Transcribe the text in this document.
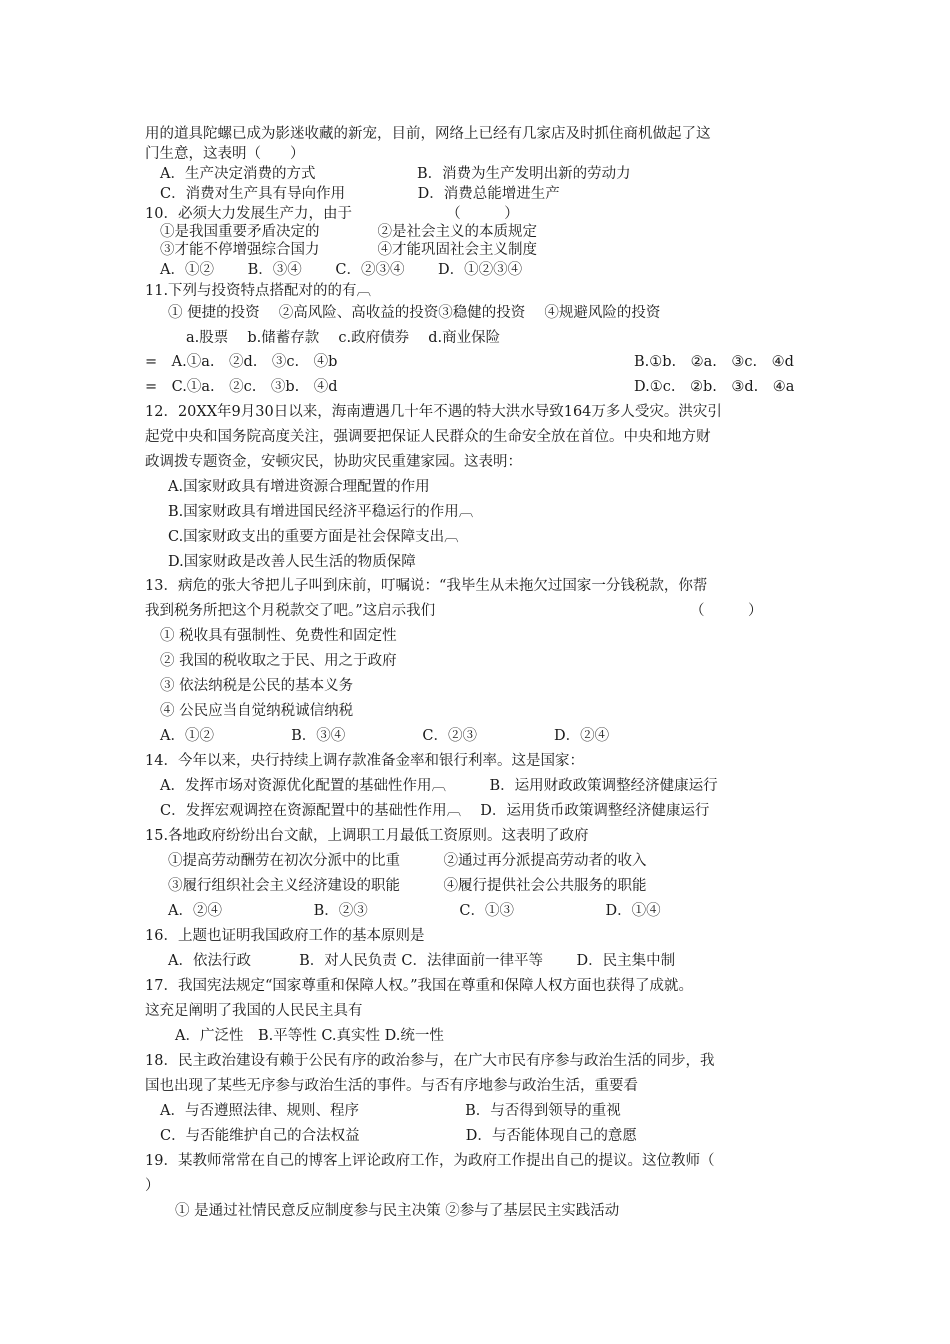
用的道具陀螺已成为影迷收藏的新宠，目前，网络上已经有几家店及时抓住商机做起了这
门生意，这表明（　　）
A．生产决定消费的方式　　　　　　　B．消费为生产发明出新的劳动力
C．消费对生产具有导向作用　　　　　D．消费总能增进生产
10．必须大力发展生产力，由于　　　　　　　（　　　）
①是我国重要矛盾决定的　　　　②是社会主义的本质规定
③才能不停增强综合国力　　　　④才能巩固社会主义制度
A．①②　　 B．③④　　 C．②③④　　 D．①②③④
11.下列与投资特点搭配对的的有︹
① 便捷的投资　 ②高风险、高收益的投资③稳健的投资　 ④规避风险的投资
a.股票　 b.储蓄存款　 c.政府债券　 d.商业保险
=　A.①a.　②d.　③c.　④b	B.①b.　②a.　③c.　④d
=　C.①a.　②c.　③b.　④d	D.①c.　②b.　③d.　④a
12．20XX年9月30日以来，海南遭遇几十年不遇的特大洪水导致164万多人受灾。洪灾引
起党中央和国务院高度关注，强调要把保证人民群众的生命安全放在首位。中央和地方财
政调拨专题资金，安顿灾民，协助灾民重建家园。这表明：
A.国家财政具有增进资源合理配置的作用
B.国家财政具有增进国民经济平稳运行的作用︹
C.国家财政支出的重要方面是社会保障支出︹
D.国家财政是改善人民生活的物质保障
13．病危的张大爷把儿子叫到床前，叮嘱说：“我毕生从未拖欠过国家一分钱税款，你帮
我到税务所把这个月税款交了吧。”这启示我们	（　　　）
① 税收具有强制性、免费性和固定性
② 我国的税收取之于民、用之于政府
③ 依法纳税是公民的基本义务
④ 公民应当自觉纳税诚信纳税
A．①②　　　　　 B．③④　　　　　 C．②③　　　　　 D．②④
14．今年以来，央行持续上调存款准备金率和银行利率。这是国家：
A．发挥市场对资源优化配置的基础性作用︹　　　B．运用财政政策调整经济健康运行
C．发挥宏观调控在资源配置中的基础性作用︹　 D．运用货币政策调整经济健康运行
15.各地政府纷纷出台文献，上调职工月最低工资原则。这表明了政府
①提高劳动酬劳在初次分派中的比重　　　②通过再分派提高劳动者的收入
③履行组织社会主义经济建设的职能　　　④履行提供社会公共服务的职能
A．②④　　　　　　 B．②③　　　　　　 C．①③　　　　　　 D．①④
16．上题也证明我国政府工作的基本原则是
A．依法行政　　　 B．对人民负责 C．法律面前一律平等　　 D．民主集中制
17．我国宪法规定“国家尊重和保障人权。”我国在尊重和保障人权方面也获得了成就。
这充足阐明了我国的人民民主具有
A．广泛性　B.平等性 C.真实性 D.统一性
18．民主政治建设有赖于公民有序的政治参与，在广大市民有序参与政治生活的同步，我
国也出现了某些无序参与政治生活的事件。与否有序地参与政治生活，重要看
A．与否遵照法律、规则、程序　　　　　　　 B．与否得到领导的重视
C．与否能维护自己的合法权益　　　　　　　 D．与否能体现自己的意愿
19．某教师常常在自己的博客上评论政府工作，为政府工作提出自己的提议。这位教师（
）
① 是通过社情民意反应制度参与民主决策 ②参与了基层民主实践活动
